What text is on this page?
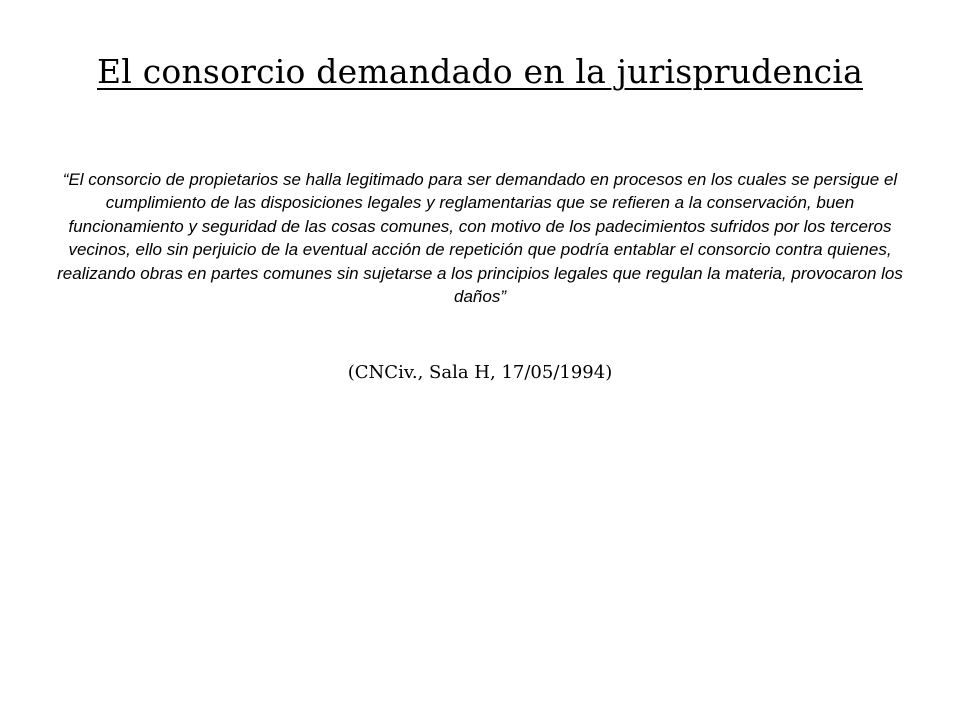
El consorcio demandado en la jurisprudencia

“El consorcio de propietarios se halla legitimado para ser demandado en procesos en los cuales se persigue el cumplimiento de las disposiciones legales y reglamentarias que se refieren a la conservación, buen funcionamiento y seguridad de las cosas comunes, con motivo de los padecimientos sufridos por los terceros vecinos, ello sin perjuicio de la eventual acción de repetición que podría entablar el consorcio contra quienes, realizando obras en partes comunes sin sujetarse a los principios legales que regulan la materia, provocaron los daños”

(CNCiv., Sala H, 17/05/1994)
